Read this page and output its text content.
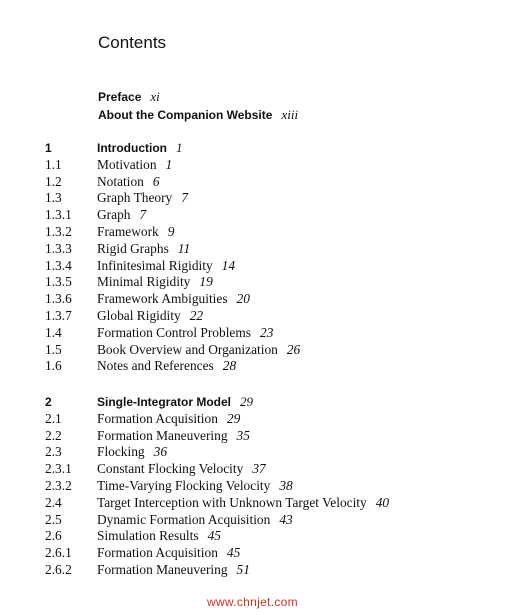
Contents
Preface xi
About the Companion Website xiii
1	Introduction 1
1.1	Motivation 1
1.2	Notation 6
1.3	Graph Theory 7
1.3.1	Graph 7
1.3.2	Framework 9
1.3.3	Rigid Graphs 11
1.3.4	Infinitesimal Rigidity 14
1.3.5	Minimal Rigidity 19
1.3.6	Framework Ambiguities 20
1.3.7	Global Rigidity 22
1.4	Formation Control Problems 23
1.5	Book Overview and Organization 26
1.6	Notes and References 28
2	Single-Integrator Model 29
2.1	Formation Acquisition 29
2.2	Formation Maneuvering 35
2.3	Flocking 36
2.3.1	Constant Flocking Velocity 37
2.3.2	Time-Varying Flocking Velocity 38
2.4	Target Interception with Unknown Target Velocity 40
2.5	Dynamic Formation Acquisition 43
2.6	Simulation Results 45
2.6.1	Formation Acquisition 45
2.6.2	Formation Maneuvering 51
www.chnjet.com
